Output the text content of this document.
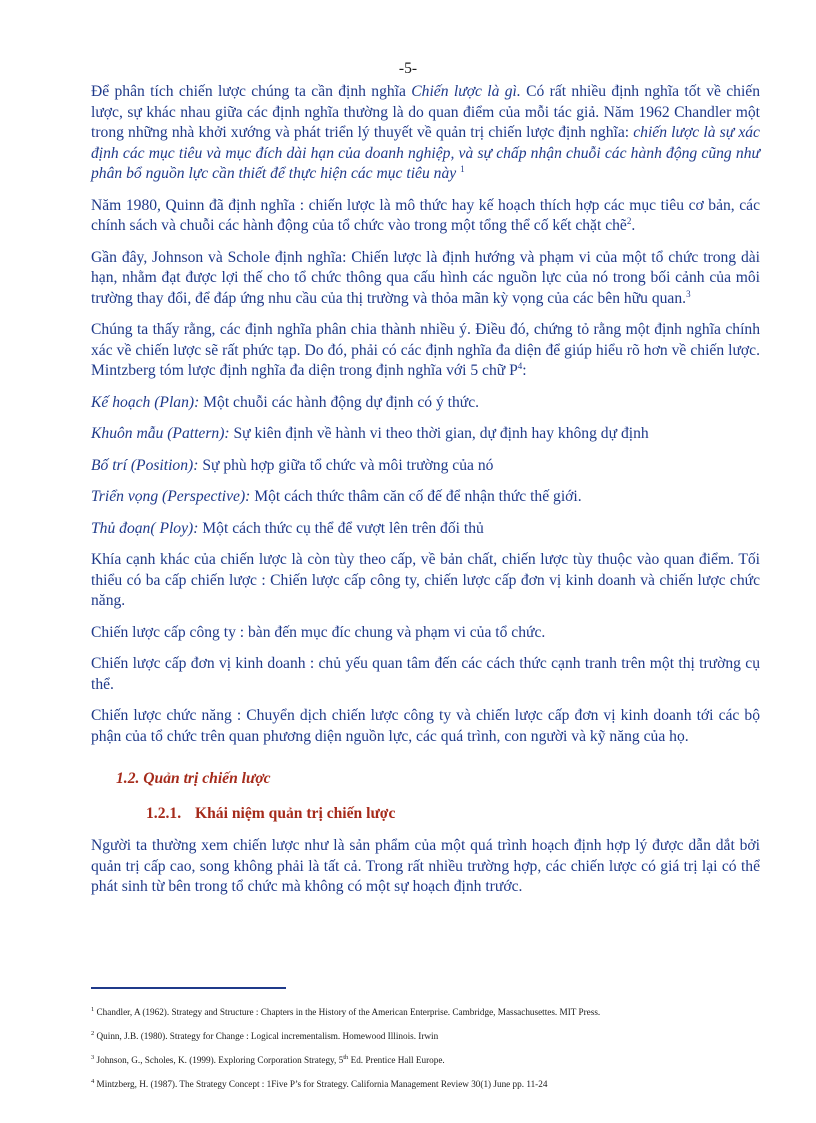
-5-

Để phân tích chiến lược chúng ta cần định nghĩa Chiến lược là gì. Có rất nhiều định nghĩa tốt về chiến lược, sự khác nhau giữa các định nghĩa thường là do quan điểm của mỗi tác giả. Năm 1962 Chandler một trong những nhà khởi xướng và phát triển lý thuyết về quản trị chiến lược định nghĩa: chiến lược là sự xác định các mục tiêu và mục đích dài hạn của doanh nghiệp, và sự chấp nhận chuỗi các hành động cũng như phân bổ nguồn lực cần thiết để thực hiện các mục tiêu này $^1$

Năm 1980, Quinn đã định nghĩa : chiến lược là mô thức hay kế hoạch thích hợp các mục tiêu cơ bản, các chính sách và chuỗi các hành động của tổ chức vào trong một tổng thể cố kết chặt chẽ$^2$.

Gần đây, Johnson và Schole định nghĩa: Chiến lược là định hướng và phạm vi của một tổ chức trong dài hạn, nhằm đạt được lợi thế cho tổ chức thông qua cấu hình các nguồn lực của nó trong bối cảnh của môi trường thay đổi, để đáp ứng nhu cầu của thị trường và thỏa mãn kỳ vọng của các bên hữu quan.$^3$

Chúng ta thấy rằng, các định nghĩa phân chia thành nhiều ý. Điều đó, chứng tỏ rằng một định nghĩa chính xác về chiến lược sẽ rất phức tạp. Do đó, phải có các định nghĩa đa diện để giúp hiểu rõ hơn về chiến lược. Mintzberg tóm lược định nghĩa đa diện trong định nghĩa với 5 chữ $P^4$:

Kế hoạch (Plan): Một chuỗi các hành động dự định có ý thức.

Khuôn mẫu (Pattern): Sự kiên định về hành vi theo thời gian, dự định hay không dự định

Bố trí (Position): Sự phù hợp giữa tổ chức và môi trường của nó

Triển vọng (Perspective): Một cách thức thâm căn cố đế để nhận thức thế giới.

Thủ đoạn( Ploy): Một cách thức cụ thể để vượt lên trên đối thủ

Khía cạnh khác của chiến lược là còn tùy theo cấp, về bản chất, chiến lược tùy thuộc vào quan điểm. Tối thiểu có ba cấp chiến lược : Chiến lược cấp công ty, chiến lược cấp đơn vị kinh doanh và chiến lược chức năng.

Chiến lược cấp công ty : bàn đến mục đíc chung và phạm vi của tổ chức.

Chiến lược cấp đơn vị kinh doanh : chủ yếu quan tâm đến các cách thức cạnh tranh trên một thị trường cụ thể.

Chiến lược chức năng : Chuyển dịch chiến lược công ty và chiến lược cấp đơn vị kinh doanh tới các bộ phận của tổ chức trên quan phương diện nguồn lực, các quá trình, con người và kỹ năng của họ.

1.2. Quản trị chiến lược
1.2.1. Khái niệm quản trị chiến lược

Người ta thường xem chiến lược như là sản phẩm của một quá trình hoạch định hợp lý được dẫn dắt bởi quản trị cấp cao, song không phải là tất cả. Trong rất nhiều trường hợp, các chiến lược có giá trị lại có thể phát sinh từ bên trong tổ chức mà không có một sự hoạch định trước.

$^1$ Chandler, A (1962). Strategy and Structure : Chapters in the History of the American Enterprise. Cambridge, Massachusettes. MIT Press.
$^2$ Quinn, J.B. (1980). Strategy for Change : Logical incrementalism. Homewood Illinois. Irwin
$^3$ Johnson, G., Scholes, K. (1999). Exploring Corporation Strategy, 5th Ed. Prentice Hall Europe.
$^4$ Mintzberg, H. (1987). The Strategy Concept : 1Five P’s for Strategy. California Management Review 30(1) June pp. 11-24
